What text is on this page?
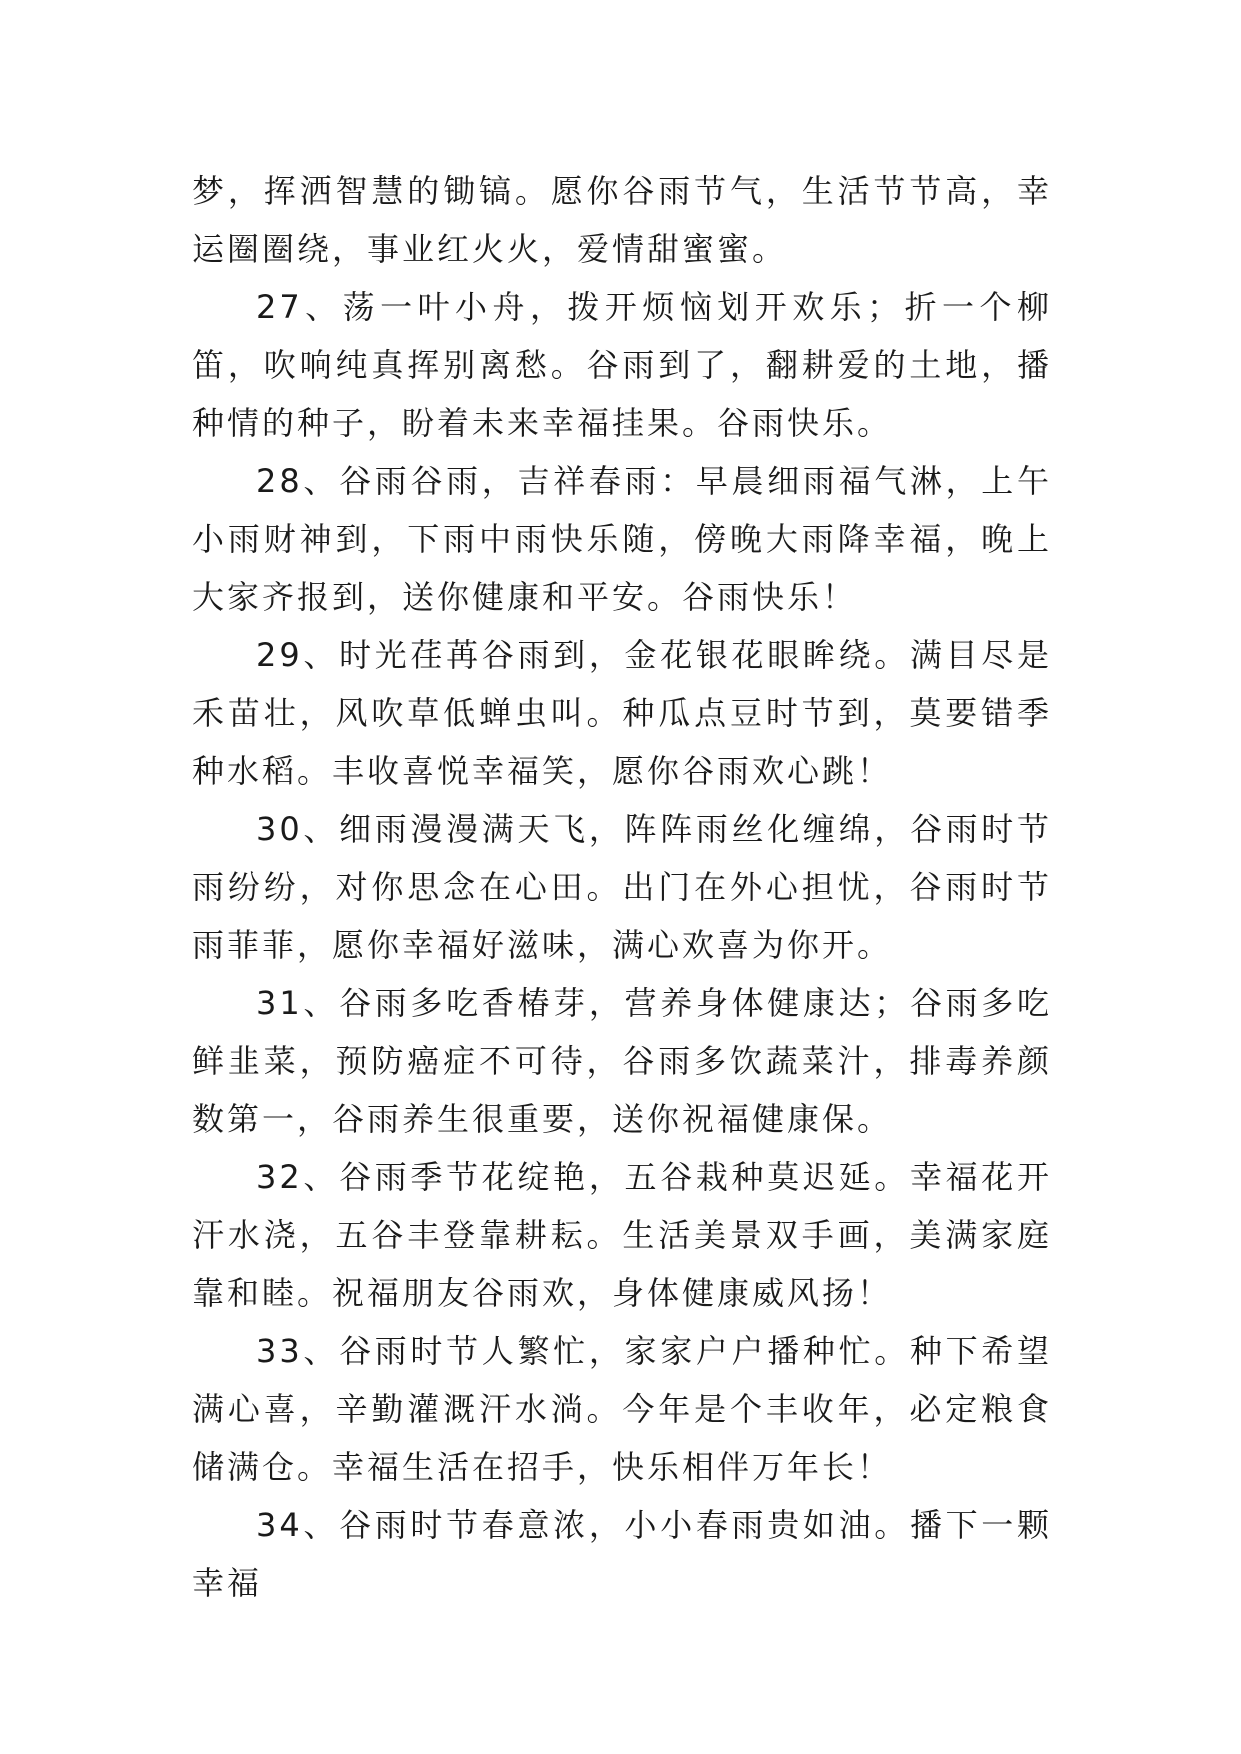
梦，挥洒智慧的锄镐。愿你谷雨节气，生活节节高，幸运圈圈绕，事业红火火，爱情甜蜜蜜。

27、荡一叶小舟，拨开烦恼划开欢乐；折一个柳笛，吹响纯真挥别离愁。谷雨到了，翻耕爱的土地，播种情的种子，盼着未来幸福挂果。谷雨快乐。

28、谷雨谷雨，吉祥春雨：早晨细雨福气淋，上午小雨财神到，下雨中雨快乐随，傍晚大雨降幸福，晚上大家齐报到，送你健康和平安。谷雨快乐！

29、时光荏苒谷雨到，金花银花眼眸绕。满目尽是禾苗壮，风吹草低蝉虫叫。种瓜点豆时节到，莫要错季种水稻。丰收喜悦幸福笑，愿你谷雨欢心跳！

30、细雨漫漫满天飞，阵阵雨丝化缠绵，谷雨时节雨纷纷，对你思念在心田。出门在外心担忧，谷雨时节雨菲菲，愿你幸福好滋味，满心欢喜为你开。

31、谷雨多吃香椿芽，营养身体健康达；谷雨多吃鲜韭菜，预防癌症不可待，谷雨多饮蔬菜汁，排毒养颜数第一，谷雨养生很重要，送你祝福健康保。

32、谷雨季节花绽艳，五谷栽种莫迟延。幸福花开汗水浇，五谷丰登靠耕耘。生活美景双手画，美满家庭靠和睦。祝福朋友谷雨欢，身体健康威风扬！

33、谷雨时节人繁忙，家家户户播种忙。种下希望满心喜，辛勤灌溉汗水淌。今年是个丰收年，必定粮食储满仓。幸福生活在招手，快乐相伴万年长！

34、谷雨时节春意浓，小小春雨贵如油。播下一颗幸福
